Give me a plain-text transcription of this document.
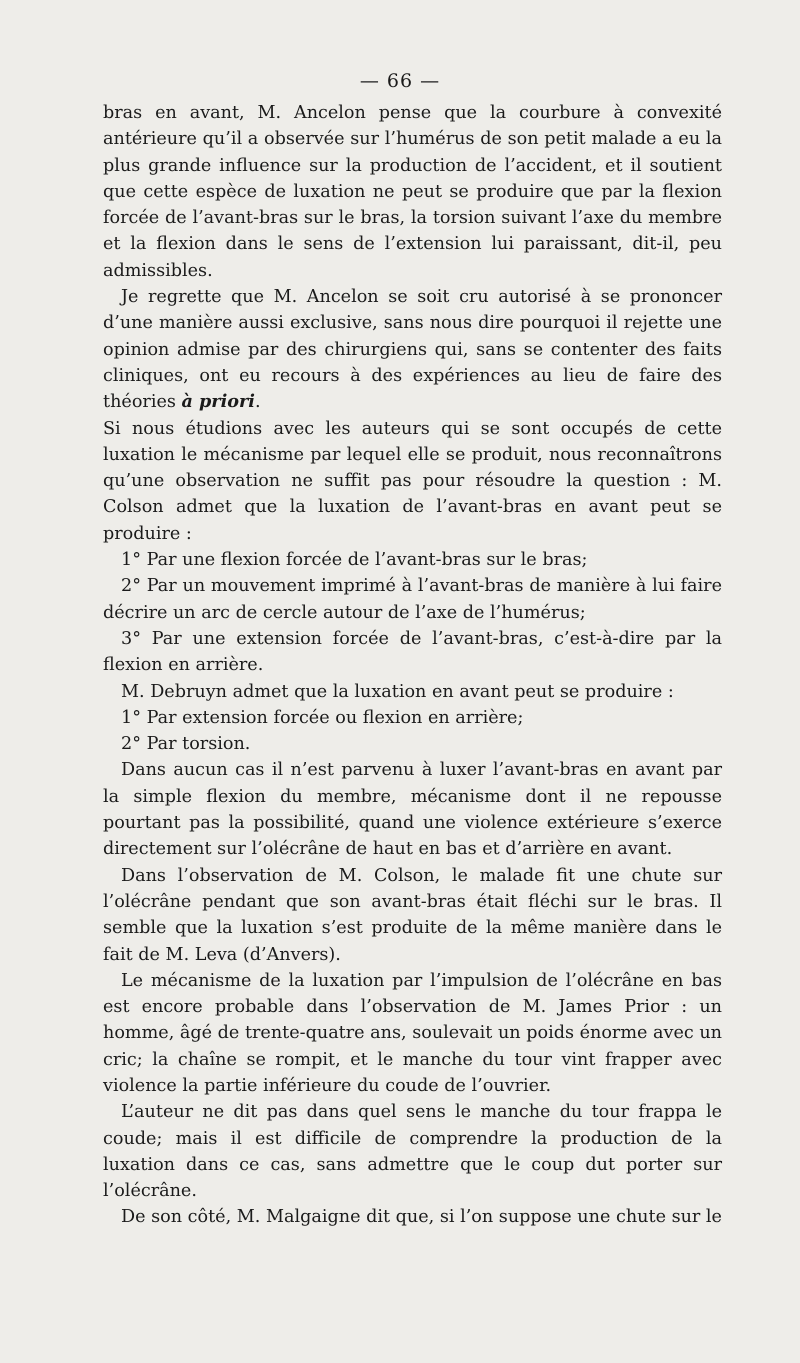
— 66 —

bras en avant, M. Ancelon pense que la courbure à convexité antérieure qu’il a observée sur l’humérus de son petit malade a eu la plus grande influence sur la production de l’accident, et il soutient que cette espèce de luxation ne peut se produire que par la flexion forcée de l’avant-bras sur le bras, la torsion suivant l’axe du membre et la flexion dans le sens de l’extension lui paraissant, dit-il, peu admissibles.

Je regrette que M. Ancelon se soit cru autorisé à se prononcer d’une manière aussi exclusive, sans nous dire pourquoi il rejette une opinion admise par des chirurgiens qui, sans se contenter des faits cliniques, ont eu recours à des expériences au lieu de faire des théories à priori.

Si nous étudions avec les auteurs qui se sont occupés de cette luxation le mécanisme par lequel elle se produit, nous reconnaîtrons qu’une observation ne suffit pas pour résoudre la question : M. Colson admet que la luxation de l’avant-bras en avant peut se produire :

1° Par une flexion forcée de l’avant-bras sur le bras;

2° Par un mouvement imprimé à l’avant-bras de manière à lui faire décrire un arc de cercle autour de l’axe de l’humérus;

3° Par une extension forcée de l’avant-bras, c’est-à-dire par la flexion en arrière.

M. Debruyn admet que la luxation en avant peut se produire :

1° Par extension forcée ou flexion en arrière;

2° Par torsion.

Dans aucun cas il n’est parvenu à luxer l’avant-bras en avant par la simple flexion du membre, mécanisme dont il ne repousse pourtant pas la possibilité, quand une violence extérieure s’exerce directement sur l’olécrâne de haut en bas et d’arrière en avant.

Dans l’observation de M. Colson, le malade fit une chute sur l’olécrâne pendant que son avant-bras était fléchi sur le bras. Il semble que la luxation s’est produite de la même manière dans le fait de M. Leva (d’Anvers).

Le mécanisme de la luxation par l’impulsion de l’olécrâne en bas est encore probable dans l’observation de M. James Prior : un homme, âgé de trente-quatre ans, soulevait un poids énorme avec un cric; la chaîne se rompit, et le manche du tour vint frapper avec violence la partie inférieure du coude de l’ouvrier.

L’auteur ne dit pas dans quel sens le manche du tour frappa le coude; mais il est difficile de comprendre la production de la luxation dans ce cas, sans admettre que le coup dut porter sur l’olécrâne.

De son côté, M. Malgaigne dit que, si l’on suppose une chute sur le
